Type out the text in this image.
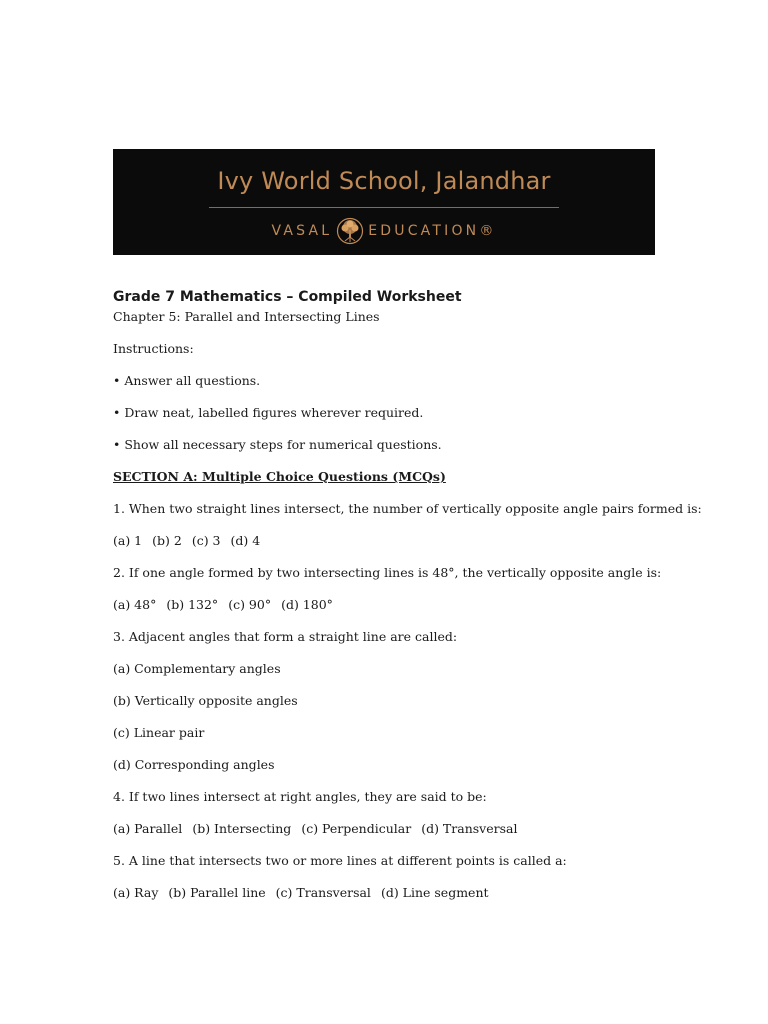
Ivy World School, Jalandhar
VASAL	EDUCATION®

Grade 7 Mathematics – Compiled Worksheet

Chapter 5: Parallel and Intersecting Lines

Instructions:

• Answer all questions.

• Draw neat, labelled figures wherever required.

• Show all necessary steps for numerical questions.

SECTION A: Multiple Choice Questions (MCQs)

1. When two straight lines intersect, the number of vertically opposite angle pairs formed is:

(a) 1 (b) 2 (c) 3 (d) 4

2. If one angle formed by two intersecting lines is 48°, the vertically opposite angle is:

(a) 48° (b) 132° (c) 90° (d) 180°

3. Adjacent angles that form a straight line are called:

(a) Complementary angles

(b) Vertically opposite angles

(c) Linear pair

(d) Corresponding angles

4. If two lines intersect at right angles, they are said to be:

(a) Parallel (b) Intersecting (c) Perpendicular (d) Transversal

5. A line that intersects two or more lines at different points is called a:

(a) Ray (b) Parallel line (c) Transversal (d) Line segment
